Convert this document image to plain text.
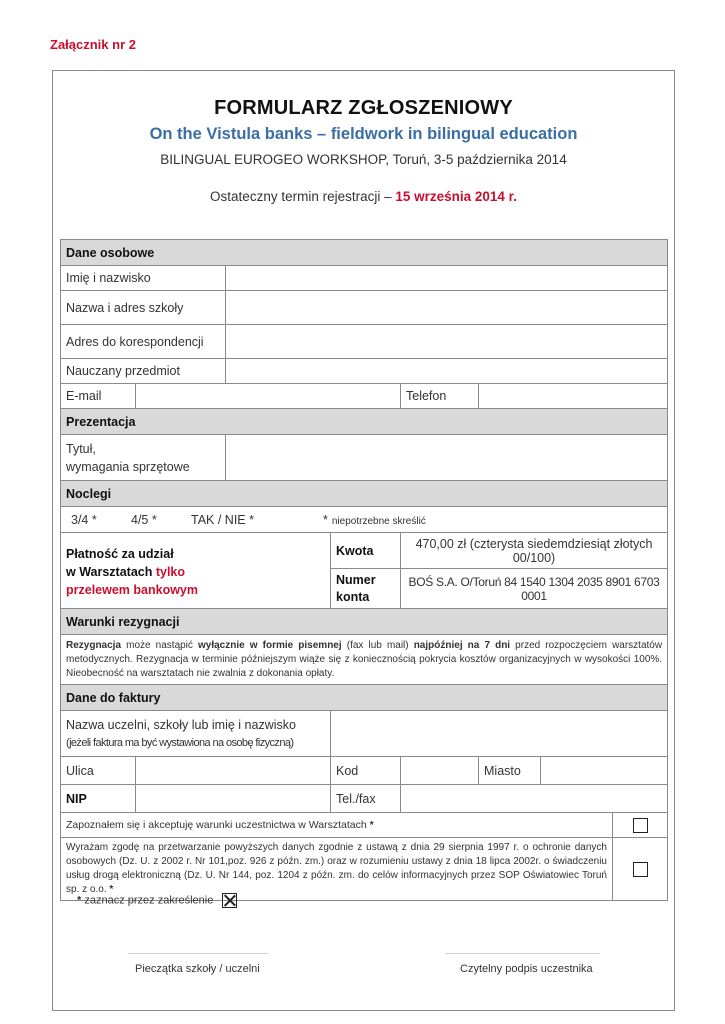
Załącznik nr 2
FORMULARZ ZGŁOSZENIOWY
On the Vistula banks – fieldwork in bilingual education
BILINGUAL EUROGEO WORKSHOP, Toruń, 3-5 października 2014
Ostateczny termin rejestracji – 15 września 2014 r.
Dane osobowe							
Imię i nazwisko							
Nazwa i adres szkoły							
Adres do korespondencji							
Nauczany przedmiot							
E-mail				Telefon			
Prezentacja							

Tytuł,
wymagania sprzętowe							

Noclegi							
3/4 * 4/5 * TAK / NIE * * niepotrzebne skreślić							

Płatność za udział
w Warsztatach tylko
przelewem bankowym			Kwota	470,00 zł (czterysta siedemdziesiąt złotych 00/100)			

			Numer
konta	BOŚ S.A. O/Toruń 84 1540 1304 2035 8901 6703 0001			
Warunki rezygnacji							
Rezygnacja może nastąpić wyłącznie w formie pisemnej (fax lub mail) najpóźniej na 7 dni przed rozpoczęciem warsztatów metodycznych. Rezygnacja w terminie późniejszym wiąże się z koniecznością pokrycia kosztów organizacyjnych w wysokości 100%. Nieobecność na warsztatach nie zwalnia z dokonania opłaty.							
Dane do faktury							

Nazwa uczelni, szkoły lub imię i nazwisko
(jeżeli faktura ma być wystawiona na osobę fizyczną)							

Ulica			Kod		Miasto		
NIP			Tel./fax				
Zapoznałem się i akceptuję warunki uczestnictwa w Warsztatach *							
Wyrażam zgodę na przetwarzanie powyższych danych zgodnie z ustawą z dnia 29 sierpnia 1997 r. o ochronie danych osobowych (Dz. U. z 2002 r. Nr 101,poz. 926 z późn. zm.) oraz w rozumieniu ustawy z dnia 18 lipca 2002r. o świadczeniu usług drogą elektroniczną (Dz. U. Nr 144, poz. 1204 z późn. zm. do celów informacyjnych przez SOP Oświatowiec Toruń sp. z o.o. *							
* zaznacz przez zakreślenie
Pieczątka szkoły / uczelni	Czytelny podpis uczestnika
